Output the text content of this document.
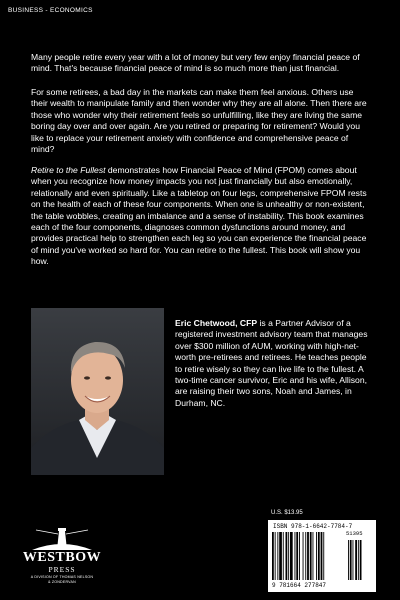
BUSINESS - ECONOMICS
Many people retire every year with a lot of money but very few enjoy financial peace of mind. That's because financial peace of mind is so much more than just financial.
For some retirees, a bad day in the markets can make them feel anxious. Others use their wealth to manipulate family and then wonder why they are all alone. Then there are those who wonder why their retirement feels so unfulfilling, like they are living the same boring day over and over again. Are you retired or preparing for retirement? Would you like to replace your retirement anxiety with confidence and comprehensive peace of mind?
Retire to the Fullest demonstrates how Financial Peace of Mind (FPOM) comes about when you recognize how money impacts you not just financially but also emotionally, relationally and even spiritually. Like a tabletop on four legs, comprehensive FPOM rests on the health of each of these four components. When one is unhealthy or non-existent, the table wobbles, creating an imbalance and a sense of instability. This book examines each of the four components, diagnoses common dysfunctions around money, and provides practical help to strengthen each leg so you can experience the financial peace of mind you've worked so hard for. You can retire to the fullest. This book will show you how.
Eric Chetwood, CFP is a Partner Advisor of a registered investment advisory team that manages over $300 million of AUM, working with high-net-worth pre-retirees and retirees. He teaches people to retire wisely so they can live life to the fullest. A two-time cancer survivor, Eric and his wife, Allison, are raising their two sons, Noah and James, in Durham, NC.
U.S. $13.95
ISBN 978-1-6642-7784-7
51395
9 781664 277847
WESTBOW
PRESS
A DIVISION OF THOMAS NELSON
& ZONDERVAN
